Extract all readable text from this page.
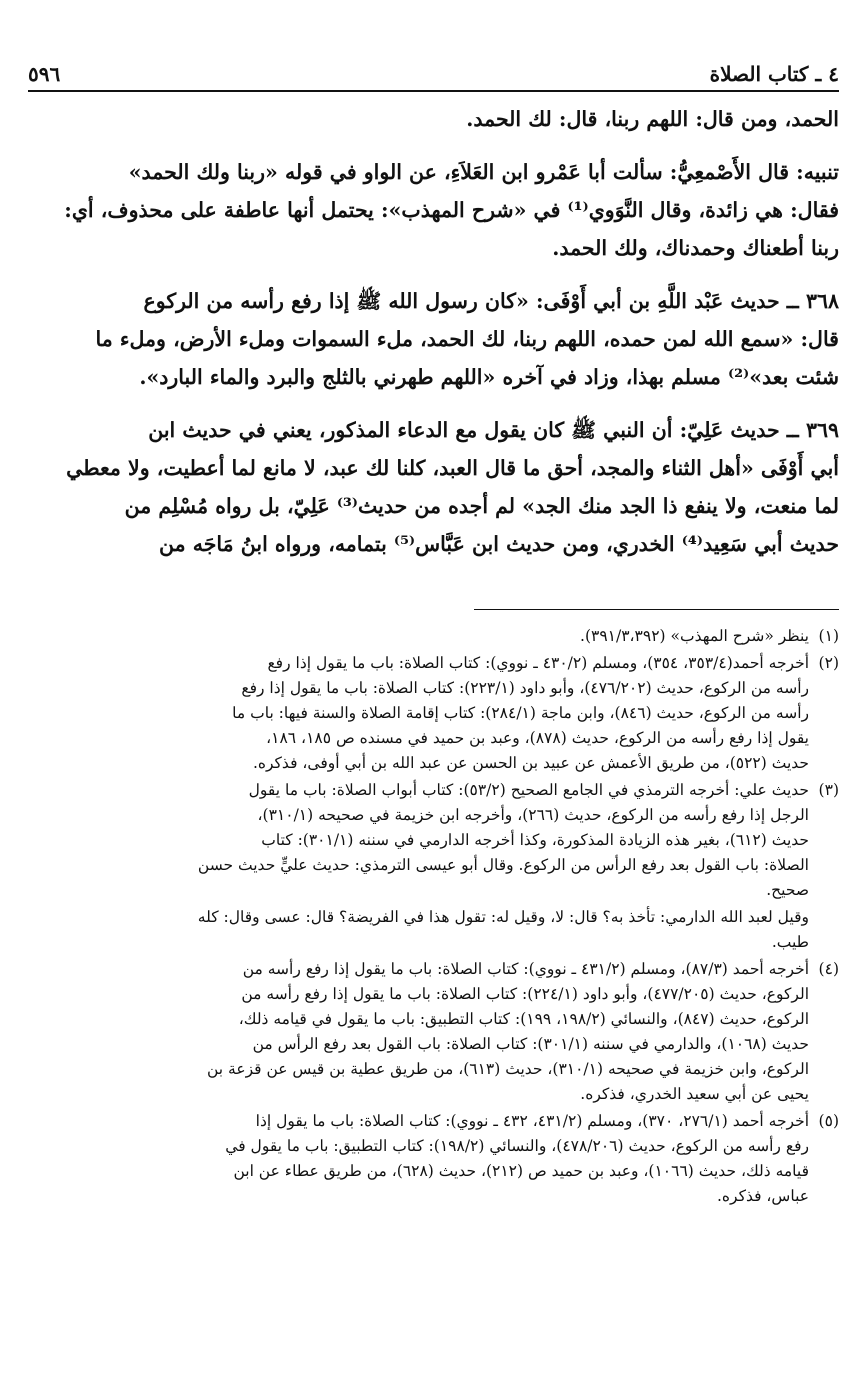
٤ ـ كتاب الصلاة
٥٩٦
الحمد، ومن قال: اللهم ربنا، قال: لك الحمد.
تنبيه: قال الأَصْمعِيُّ: سألت أبا عَمْرو ابن العَلاَءِ، عن الواو في قوله «ربنا ولك الحمد»
فقال: هي زائدة، وقال النَّوَوي⁽¹⁾ في «شرح المهذب»: يحتمل أنها عاطفة على محذوف، أي:
ربنا أطعناك وحمدناك، ولك الحمد.
٣٦٨ ــ حديث عَبْد اللَّهِ بن أبي أَوْفَى: «كان رسول الله ﷺ إذا رفع رأسه من الركوع
قال: «سمع الله لمن حمده، اللهم ربنا، لك الحمد، ملء السموات وملء الأرض، وملء ما
شئت بعد»⁽²⁾ مسلم بهذا، وزاد في آخره «اللهم طهرني بالثلج والبرد والماء البارد».
٣٦٩ ــ حديث عَلِيّ: أن النبي ﷺ كان يقول مع الدعاء المذكور، يعني في حديث ابن
أبي أَوْفَى «أهل الثناء والمجد، أحق ما قال العبد، كلنا لك عبد، لا مانع لما أعطيت، ولا معطي
لما منعت، ولا ينفع ذا الجد منك الجد» لم أجده من حديث⁽³⁾ عَلِيّ، بل رواه مُسْلِم من
حديث أبي سَعِيد⁽⁴⁾ الخدري، ومن حديث ابن عَبَّاس⁽⁵⁾ بتمامه، ورواه ابنُ مَاجَه من
(١)
ينظر «شرح المهذب» (٣٩١/٣،٣٩٢).
(٢)
أخرجه أحمد(٣٥٣/٤، ٣٥٤)، ومسلم (٤٣٠/٢ ـ نووي): كتاب الصلاة: باب ما يقول إذا رفع
رأسه من الركوع، حديث (٤٧٦/٢٠٢)، وأبو داود (٢٢٣/١): كتاب الصلاة: باب ما يقول إذا رفع
رأسه من الركوع، حديث (٨٤٦)، وابن ماجة (٢٨٤/١): كتاب إقامة الصلاة والسنة فيها: باب ما
يقول إذا رفع رأسه من الركوع، حديث (٨٧٨)، وعبد بن حميد في مسنده ص ١٨٥، ١٨٦،
حديث (٥٢٢)، من طريق الأعمش عن عبيد بن الحسن عن عبد الله بن أبي أوفى، فذكره.
(٣)
حديث علي: أخرجه الترمذي في الجامع الصحيح (٥٣/٢): كتاب أبواب الصلاة: باب ما يقول
الرجل إذا رفع رأسه من الركوع، حديث (٢٦٦)، وأخرجه ابن خزيمة في صحيحه (٣١٠/١)،
حديث (٦١٢)، بغير هذه الزيادة المذكورة، وكذا أخرجه الدارمي في سننه (٣٠١/١): كتاب
الصلاة: باب القول بعد رفع الرأس من الركوع. وقال أبو عيسى الترمذي: حديث عليٍّ حديث حسن
صحيح.
وقيل لعبد الله الدارمي: تأخذ به؟ قال: لا، وقيل له: تقول هذا في الفريضة؟ قال: عسى وقال: كله
طيب.
(٤)
أخرجه أحمد (٨٧/٣)، ومسلم (٤٣١/٢ ـ نووي): كتاب الصلاة: باب ما يقول إذا رفع رأسه من
الركوع، حديث (٤٧٧/٢٠٥)، وأبو داود (٢٢٤/١): كتاب الصلاة: باب ما يقول إذا رفع رأسه من
الركوع، حديث (٨٤٧)، والنسائي (١٩٨/٢، ١٩٩): كتاب التطبيق: باب ما يقول في قيامه ذلك،
حديث (١٠٦٨)، والدارمي في سننه (٣٠١/١): كتاب الصلاة: باب القول بعد رفع الرأس من
الركوع، وابن خزيمة في صحيحه (٣١٠/١)، حديث (٦١٣)، من طريق عطية بن قيس عن قزعة بن
يحيى عن أبي سعيد الخدري، فذكره.
(٥)
أخرجه أحمد (٢٧٦/١، ٣٧٠)، ومسلم (٤٣١/٢، ٤٣٢ ـ نووي): كتاب الصلاة: باب ما يقول إذا
رفع رأسه من الركوع، حديث (٤٧٨/٢٠٦)، والنسائي (١٩٨/٢): كتاب التطبيق: باب ما يقول في
قيامه ذلك، حديث (١٠٦٦)، وعبد بن حميد ص (٢١٢)، حديث (٦٢٨)، من طريق عطاء عن ابن
عباس، فذكره.
